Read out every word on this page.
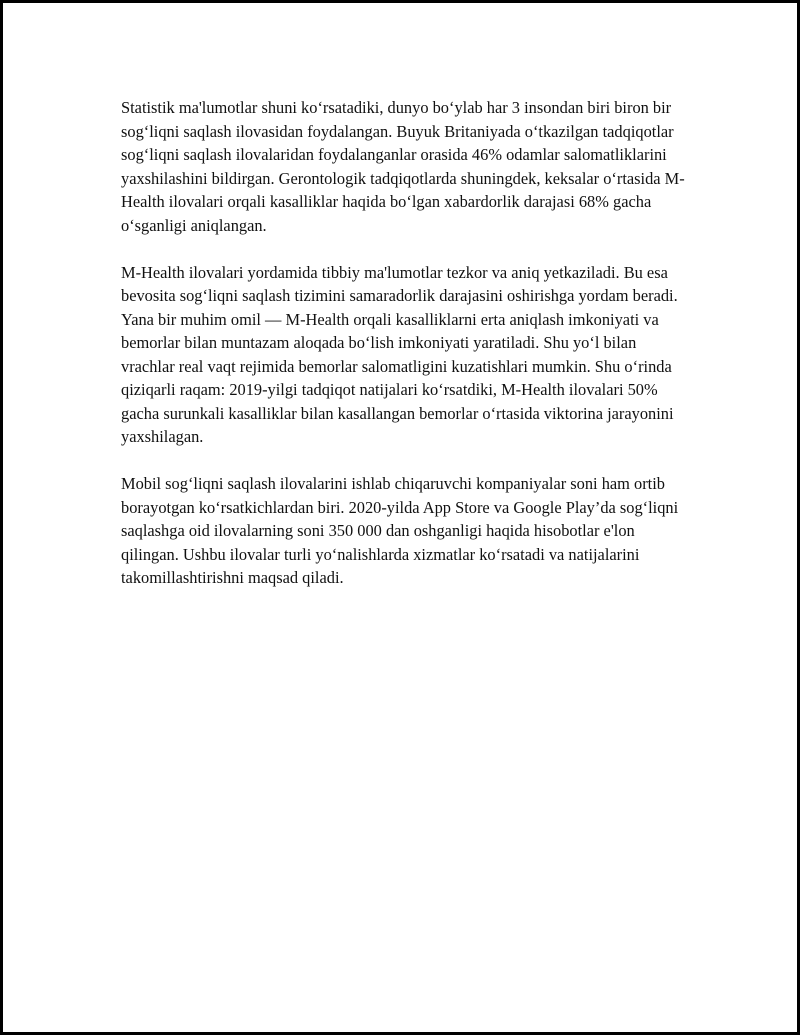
Statistik ma'lumotlar shuni ko‘rsatadiki, dunyo bo‘ylab har 3 insondan biri biron bir sog‘liqni saqlash ilovasidan foydalangan. Buyuk Britaniyada o‘tkazilgan tadqiqotlar sog‘liqni saqlash ilovalaridan foydalanganlar orasida 46% odamlar salomatliklarini yaxshilashini bildirgan. Gerontologik tadqiqotlarda shuningdek, keksalar o‘rtasida M-Health ilovalari orqali kasalliklar haqida bo‘lgan xabardorlik darajasi 68% gacha o‘sganligi aniqlangan.

M-Health ilovalari yordamida tibbiy ma'lumotlar tezkor va aniq yetkaziladi. Bu esa bevosita sog‘liqni saqlash tizimini samaradorlik darajasini oshirishga yordam beradi. Yana bir muhim omil — M-Health orqali kasalliklarni erta aniqlash imkoniyati va bemorlar bilan muntazam aloqada bo‘lish imkoniyati yaratiladi. Shu yo‘l bilan vrachlar real vaqt rejimida bemorlar salomatligini kuzatishlari mumkin. Shu o‘rinda qiziqarli raqam: 2019-yilgi tadqiqot natijalari ko‘rsatdiki, M-Health ilovalari 50% gacha surunkali kasalliklar bilan kasallangan bemorlar o‘rtasida viktorina jarayonini yaxshilagan.

Mobil sog‘liqni saqlash ilovalarini ishlab chiqaruvchi kompaniyalar soni ham ortib borayotgan ko‘rsatkichlardan biri. 2020-yilda App Store va Google Play’da sog‘liqni saqlashga oid ilovalarning soni 350 000 dan oshganligi haqida hisobotlar e'lon qilingan. Ushbu ilovalar turli yo‘nalishlarda xizmatlar ko‘rsatadi va natijalarini takomillashtirishni maqsad qiladi.
